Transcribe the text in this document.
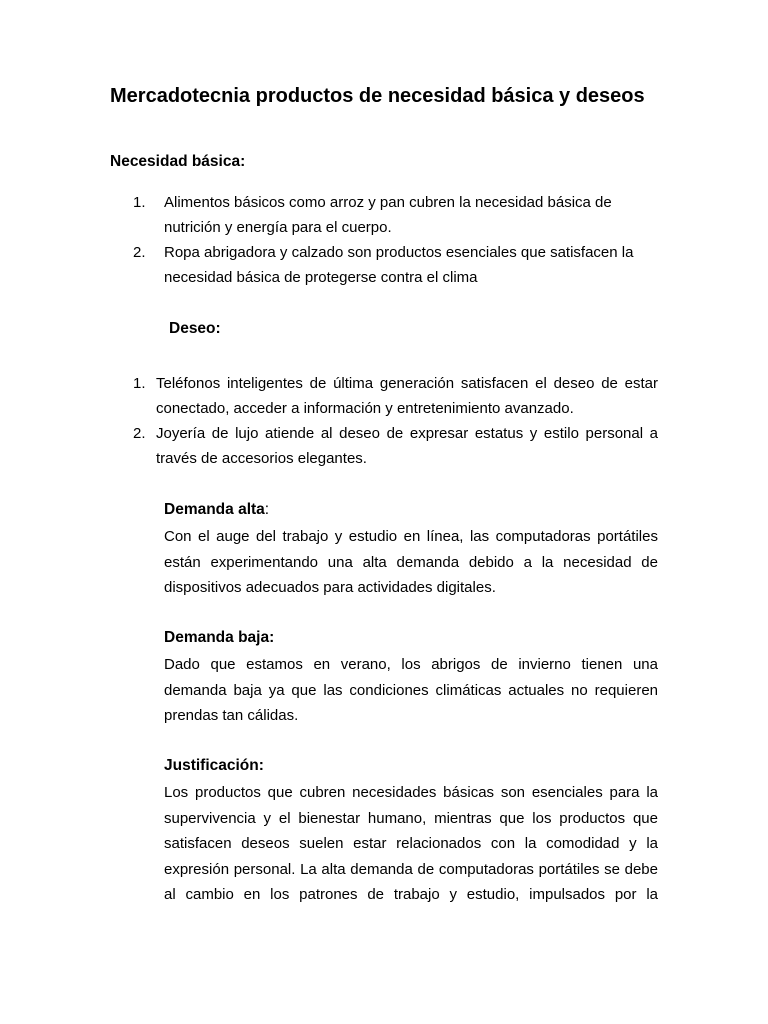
Mercadotecnia productos de necesidad básica y deseos
Necesidad básica:
1. Alimentos básicos como arroz y pan cubren la necesidad básica de nutrición y energía para el cuerpo.
2. Ropa abrigadora y calzado son productos esenciales que satisfacen la necesidad básica de protegerse contra el clima
Deseo:
1. Teléfonos inteligentes de última generación satisfacen el deseo de estar conectado, acceder a información y entretenimiento avanzado.
2. Joyería de lujo atiende al deseo de expresar estatus y estilo personal a través de accesorios elegantes.
Demanda alta:

Con el auge del trabajo y estudio en línea, las computadoras portátiles están experimentando una alta demanda debido a la necesidad de dispositivos adecuados para actividades digitales.

Demanda baja:

Dado que estamos en verano, los abrigos de invierno tienen una demanda baja ya que las condiciones climáticas actuales no requieren prendas tan cálidas.

Justificación:

Los productos que cubren necesidades básicas son esenciales para la supervivencia y el bienestar humano, mientras que los productos que satisfacen deseos suelen estar relacionados con la comodidad y la expresión personal. La alta demanda de computadoras portátiles se debe al cambio en los patrones de trabajo y estudio, impulsados por la
